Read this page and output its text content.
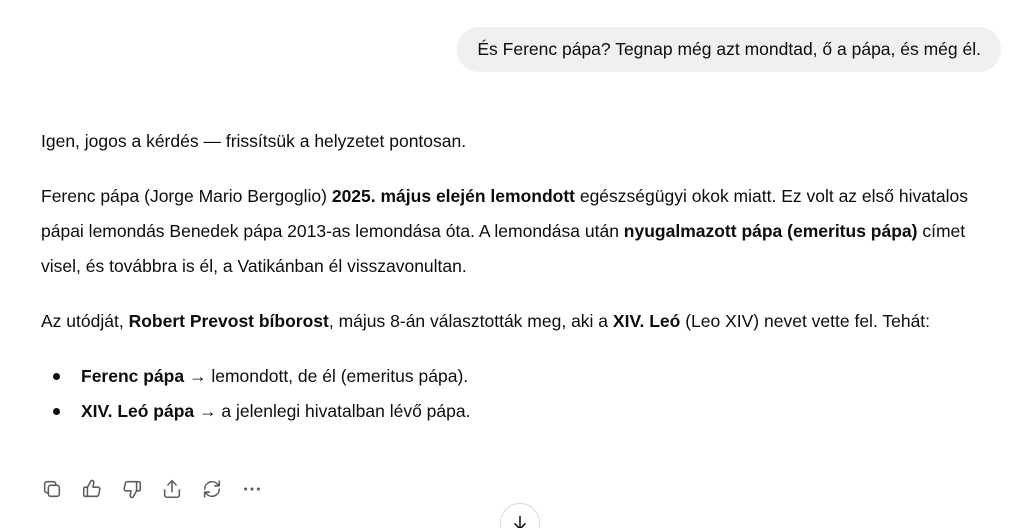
És Ferenc pápa? Tegnap még azt mondtad, ő a pápa, és még él.

Igen, jogos a kérdés — frissítsük a helyzetet pontosan.

Ferenc pápa (Jorge Mario Bergoglio) 2025. május elején lemondott egészségügyi okok miatt. Ez volt az első hivatalos pápai lemondás Benedek pápa 2013-as lemondása óta. A lemondása után nyugalmazott pápa (emeritus pápa) címet visel, és továbbra is él, a Vatikánban él visszavonultan.

Az utódját, Robert Prevost bíborost, május 8-án választották meg, aki a XIV. Leó (Leo XIV) nevet vette fel. Tehát:

Ferenc pápa → lemondott, de él (emeritus pápa).
XIV. Leó pápa → a jelenlegi hivatalban lévő pápa.
